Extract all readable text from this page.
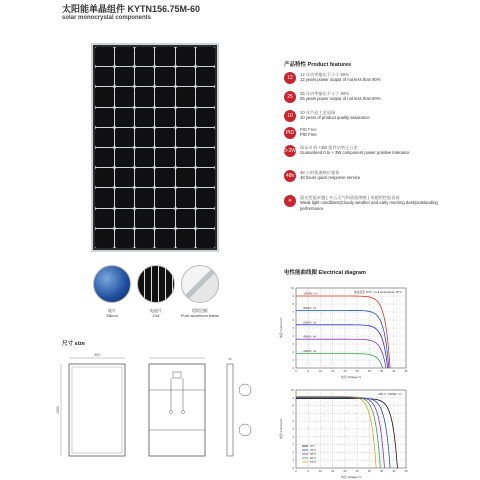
太阳能单晶组件 KYTN156.75M-60
solar monocrystal components
产品特性 Product features
12
12 年功率输出不小于 90%
12 years power output of not less than 90%
25
25 年功率输出不小于 80%
25 years power output of not less than 80%
10
10 年产品工艺质保
10 years of product quality assurance
PID
PID Free
PID Free
0-3W
保证 0 到 +3W 组件功率正公差
Guaranteed 0 to + 3W component power positive tolerance
48h
48 小时快速响应服务
48 hours quick response service
☀
弱光性能卓越 ( 多云天气和清晨傍晚 ) 卓越的性能表现
Weak light conditions(Cloudy weather and early morning dusk)outstanding performance
硅片
Silicon
电池片
Cell
铝铝边框
Pure aluminum frame
尺寸 size
992
1650
35
电性能曲线图 Electrical diagram
0	5	10	15	20	25	30	35	40	45
0
1
2
3
4
5
6
7
8
9
10
1000W / m²
800W / m²
600W / m²
400W / m²
200W / m²
电池温度 25°C / Cell temperature 25°C
电压 Voltage /V
电流 Current /A
0	5	10	15	20	25	30	35	40	45
0
1
2
3
4
5
6
7
8
9
10
0°C
25°C
45°C
60°C
75°C
AM1.5, 1000W / m²
电压 Voltage /V
电流 Current /A
